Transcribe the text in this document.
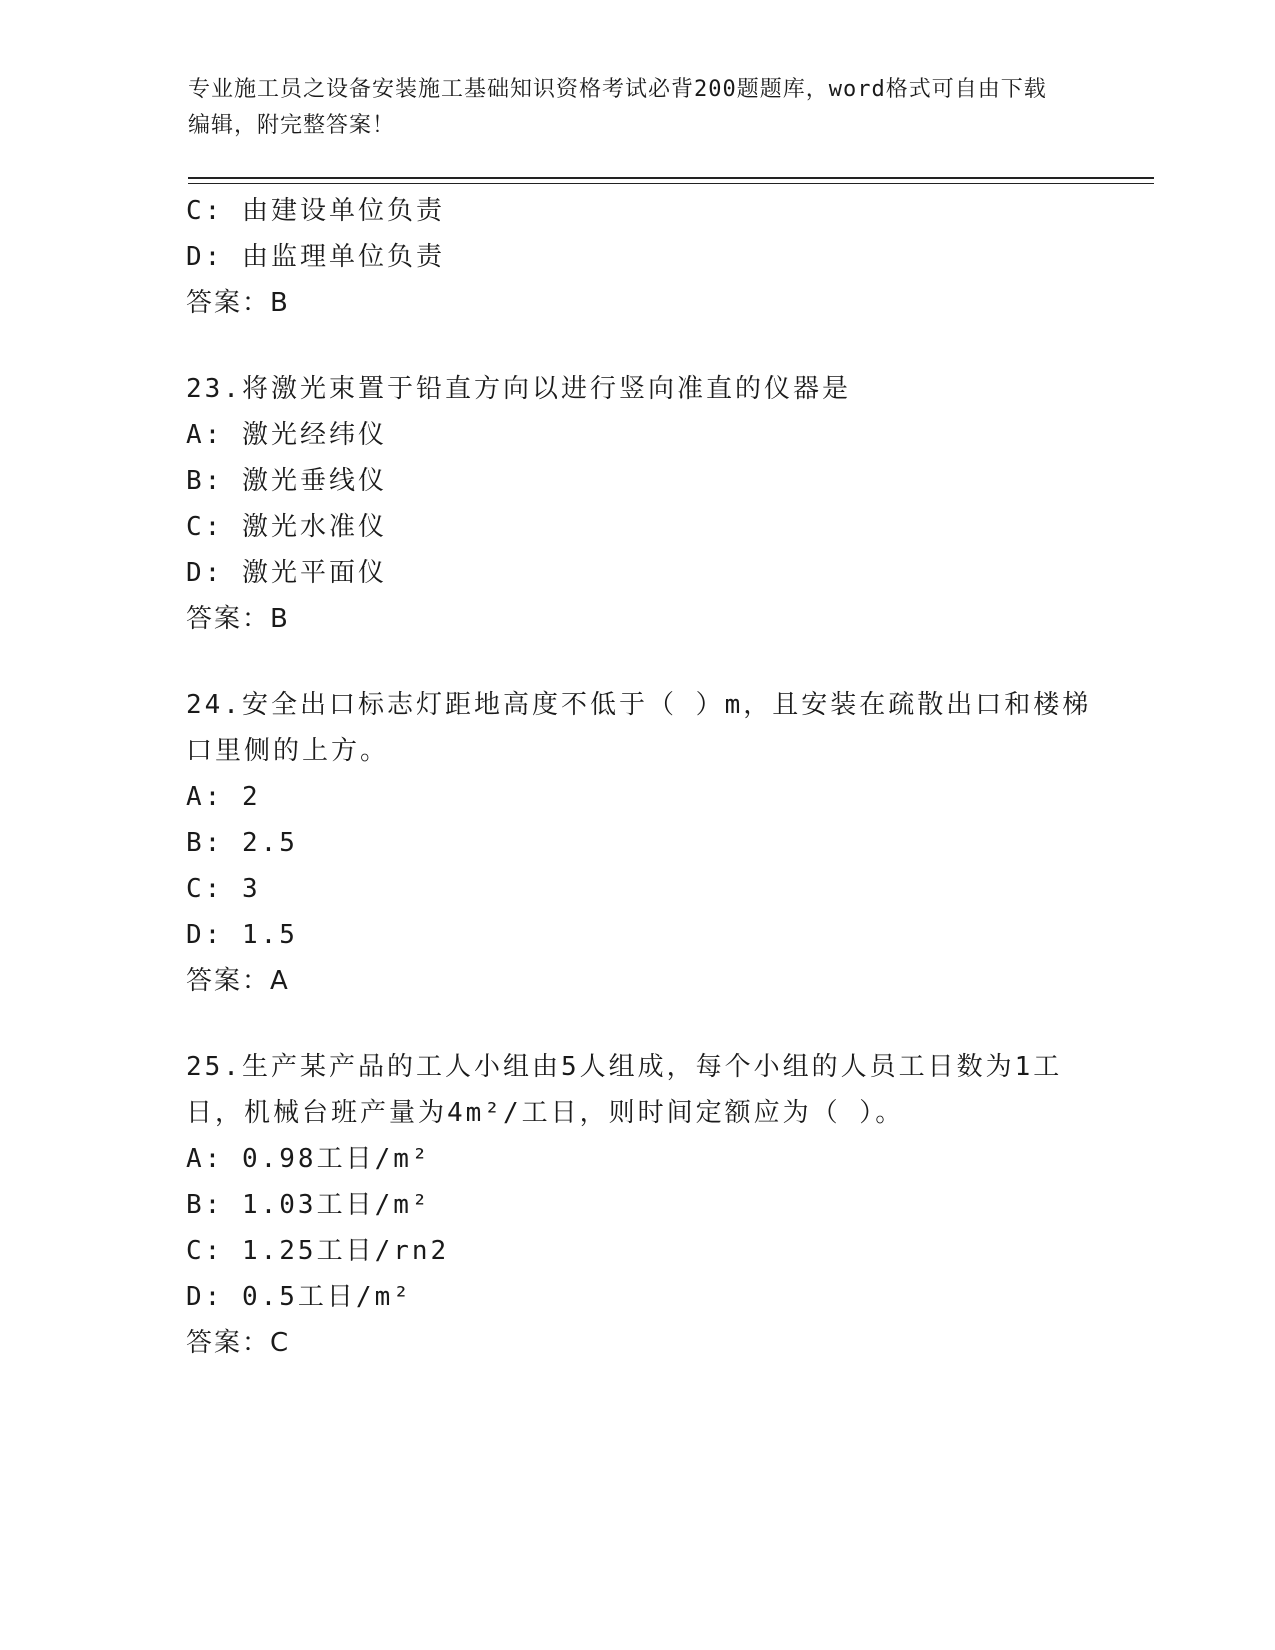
专业施工员之设备安装施工基础知识资格考试必背200题题库，word格式可自由下载编辑，附完整答案！
C: 由建设单位负责
D: 由监理单位负责
答案：B
23.将激光束置于铅直方向以进行竖向准直的仪器是
A: 激光经纬仪
B: 激光垂线仪
C: 激光水准仪
D: 激光平面仪
答案：B
24.安全出口标志灯距地高度不低于（ ）m，且安装在疏散出口和楼梯
口里侧的上方。
A: 2
B: 2.5
C: 3
D: 1.5
答案：A
25.生产某产品的工人小组由5人组成，每个小组的人员工日数为1工
日，机械台班产量为4m²/工日，则时间定额应为（ ）。
A: 0.98工日/m²
B: 1.03工日/m²
C: 1.25工日/rn2
D: 0.5工日/m²
答案：C
